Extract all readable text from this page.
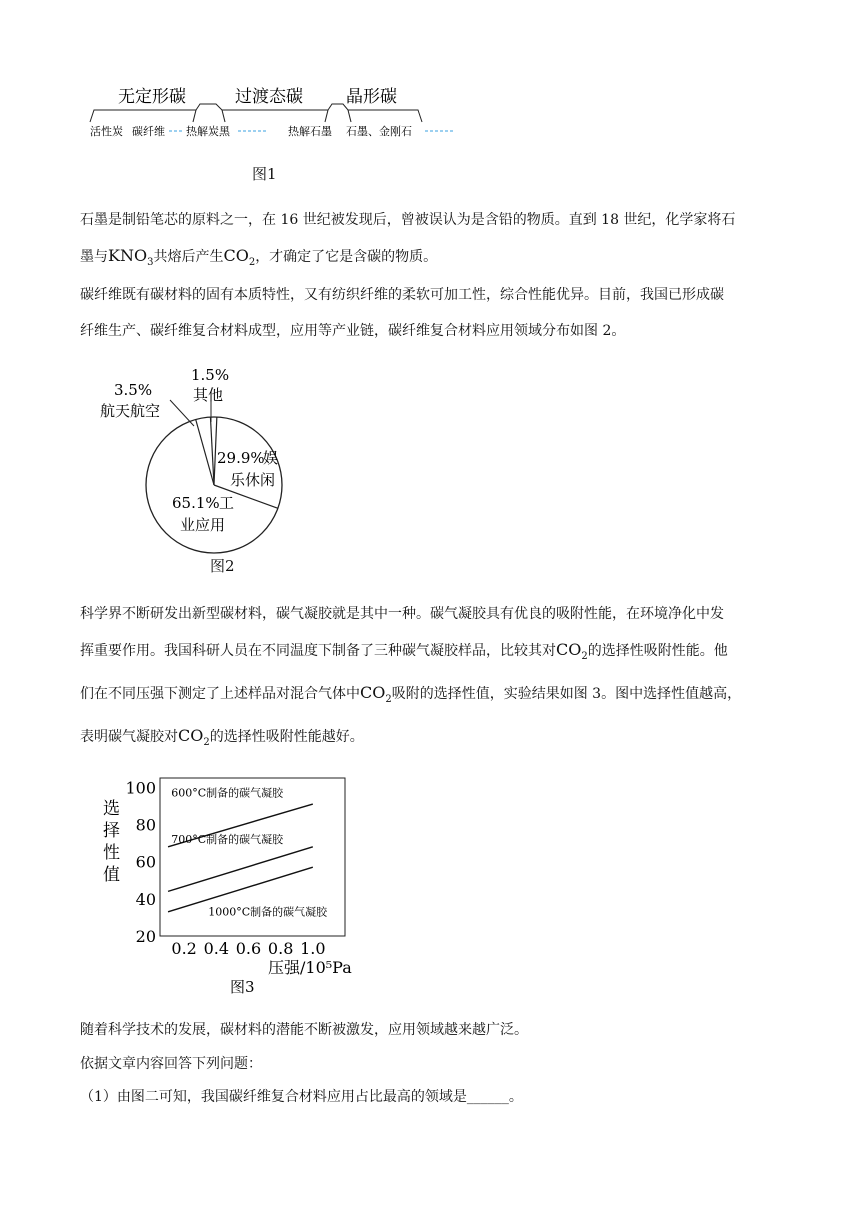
无定形碳	过渡态碳	晶形碳
活性炭 碳纤维 热解炭黑	热解石墨 石墨、金刚石
图1

石墨是制铅笔芯的原料之一，在 16 世纪被发现后，曾被误认为是含铅的物质。直到 18 世纪，化学家将石
墨与$KNO_3$共熔后产生$CO_2$，才确定了它是含碳的物质。

碳纤维既有碳材料的固有本质特性，又有纺织纤维的柔软可加工性，综合性能优异。目前，我国已形成碳
纤维生产、碳纤维复合材料成型，应用等产业链，碳纤维复合材料应用领域分布如图 2。

1.5%
其他
3.5%
航天航空
29.9%
娱乐休闲
65.1% 工业应用
图2

科学界不断研发出新型碳材料，碳气凝胶就是其中一种。碳气凝胶具有优良的吸附性能，在环境净化中发
挥重要作用。我国科研人员在不同温度下制备了三种碳气凝胶样品，比较其对$CO_2$的选择性吸附性能。他
们在不同压强下测定了上述样品对混合气体中$CO_2$吸附的选择性值，实验结果如图 3。图中选择性值越高，
表明碳气凝胶对$CO_2$的选择性吸附性能越好。

选
择
性
值
20
40
60
80
100
0.2 0.4 0.6 0.8 1.0
600°C制备的碳气凝胶
700°C制备的碳气凝胶
1000°C制备的碳气凝胶
压强/10⁵Pa
图3

随着科学技术的发展，碳材料的潜能不断被激发，应用领域越来越广泛。

依据文章内容回答下列问题：

（1）由图二可知，我国碳纤维复合材料应用占比最高的领域是______。
